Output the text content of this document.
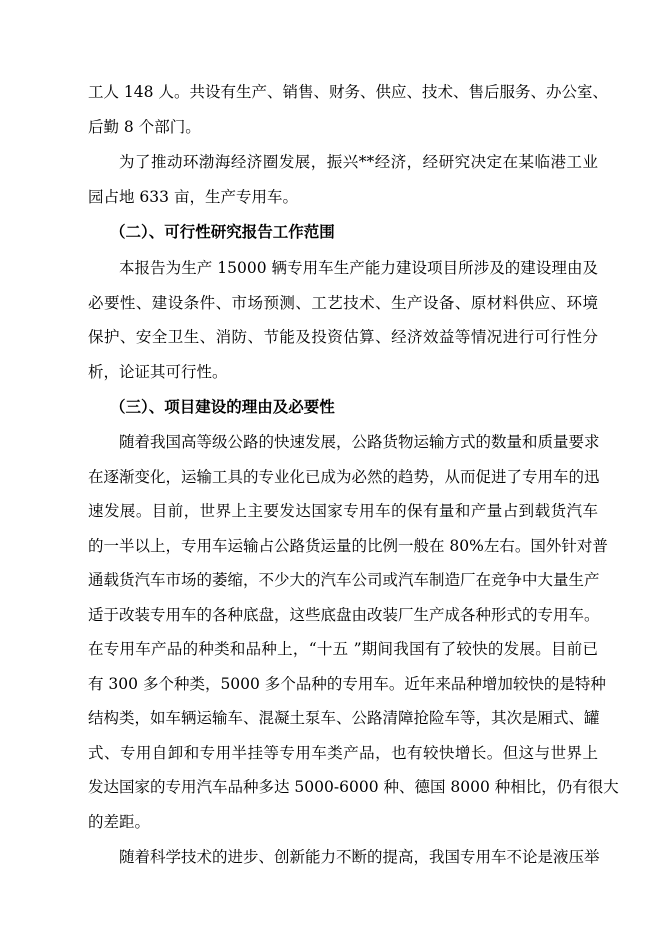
工人 148 人。共设有生产、销售、财务、供应、技术、售后服务、办公室、
后勤 8 个部门。
为了推动环渤海经济圈发展，振兴**经济，经研究决定在某临港工业
园占地 633 亩，生产专用车。
（二）、可行性研究报告工作范围
本报告为生产 15000 辆专用车生产能力建设项目所涉及的建设理由及
必要性、建设条件、市场预测、工艺技术、生产设备、原材料供应、环境
保护、安全卫生、消防、节能及投资估算、经济效益等情况进行可行性分
析，论证其可行性。
（三）、项目建设的理由及必要性
随着我国高等级公路的快速发展，公路货物运输方式的数量和质量要求
在逐渐变化，运输工具的专业化已成为必然的趋势，从而促进了专用车的迅
速发展。目前，世界上主要发达国家专用车的保有量和产量占到载货汽车
的一半以上，专用车运输占公路货运量的比例一般在 80%左右。国外针对普
通载货汽车市场的萎缩，不少大的汽车公司或汽车制造厂在竞争中大量生产
适于改装专用车的各种底盘，这些底盘由改装厂生产成各种形式的专用车。
在专用车产品的种类和品种上，“十五 ”期间我国有了较快的发展。目前已
有 300 多个种类，5000 多个品种的专用车。近年来品种增加较快的是特种
结构类，如车辆运输车、混凝土泵车、公路清障抢险车等，其次是厢式、罐
式、专用自卸和专用半挂等专用车类产品，也有较快增长。但这与世界上
发达国家的专用汽车品种多达 5000-6000 种、德国 8000 种相比，仍有很大
的差距。
随着科学技术的进步、创新能力不断的提高，我国专用车不论是液压举
